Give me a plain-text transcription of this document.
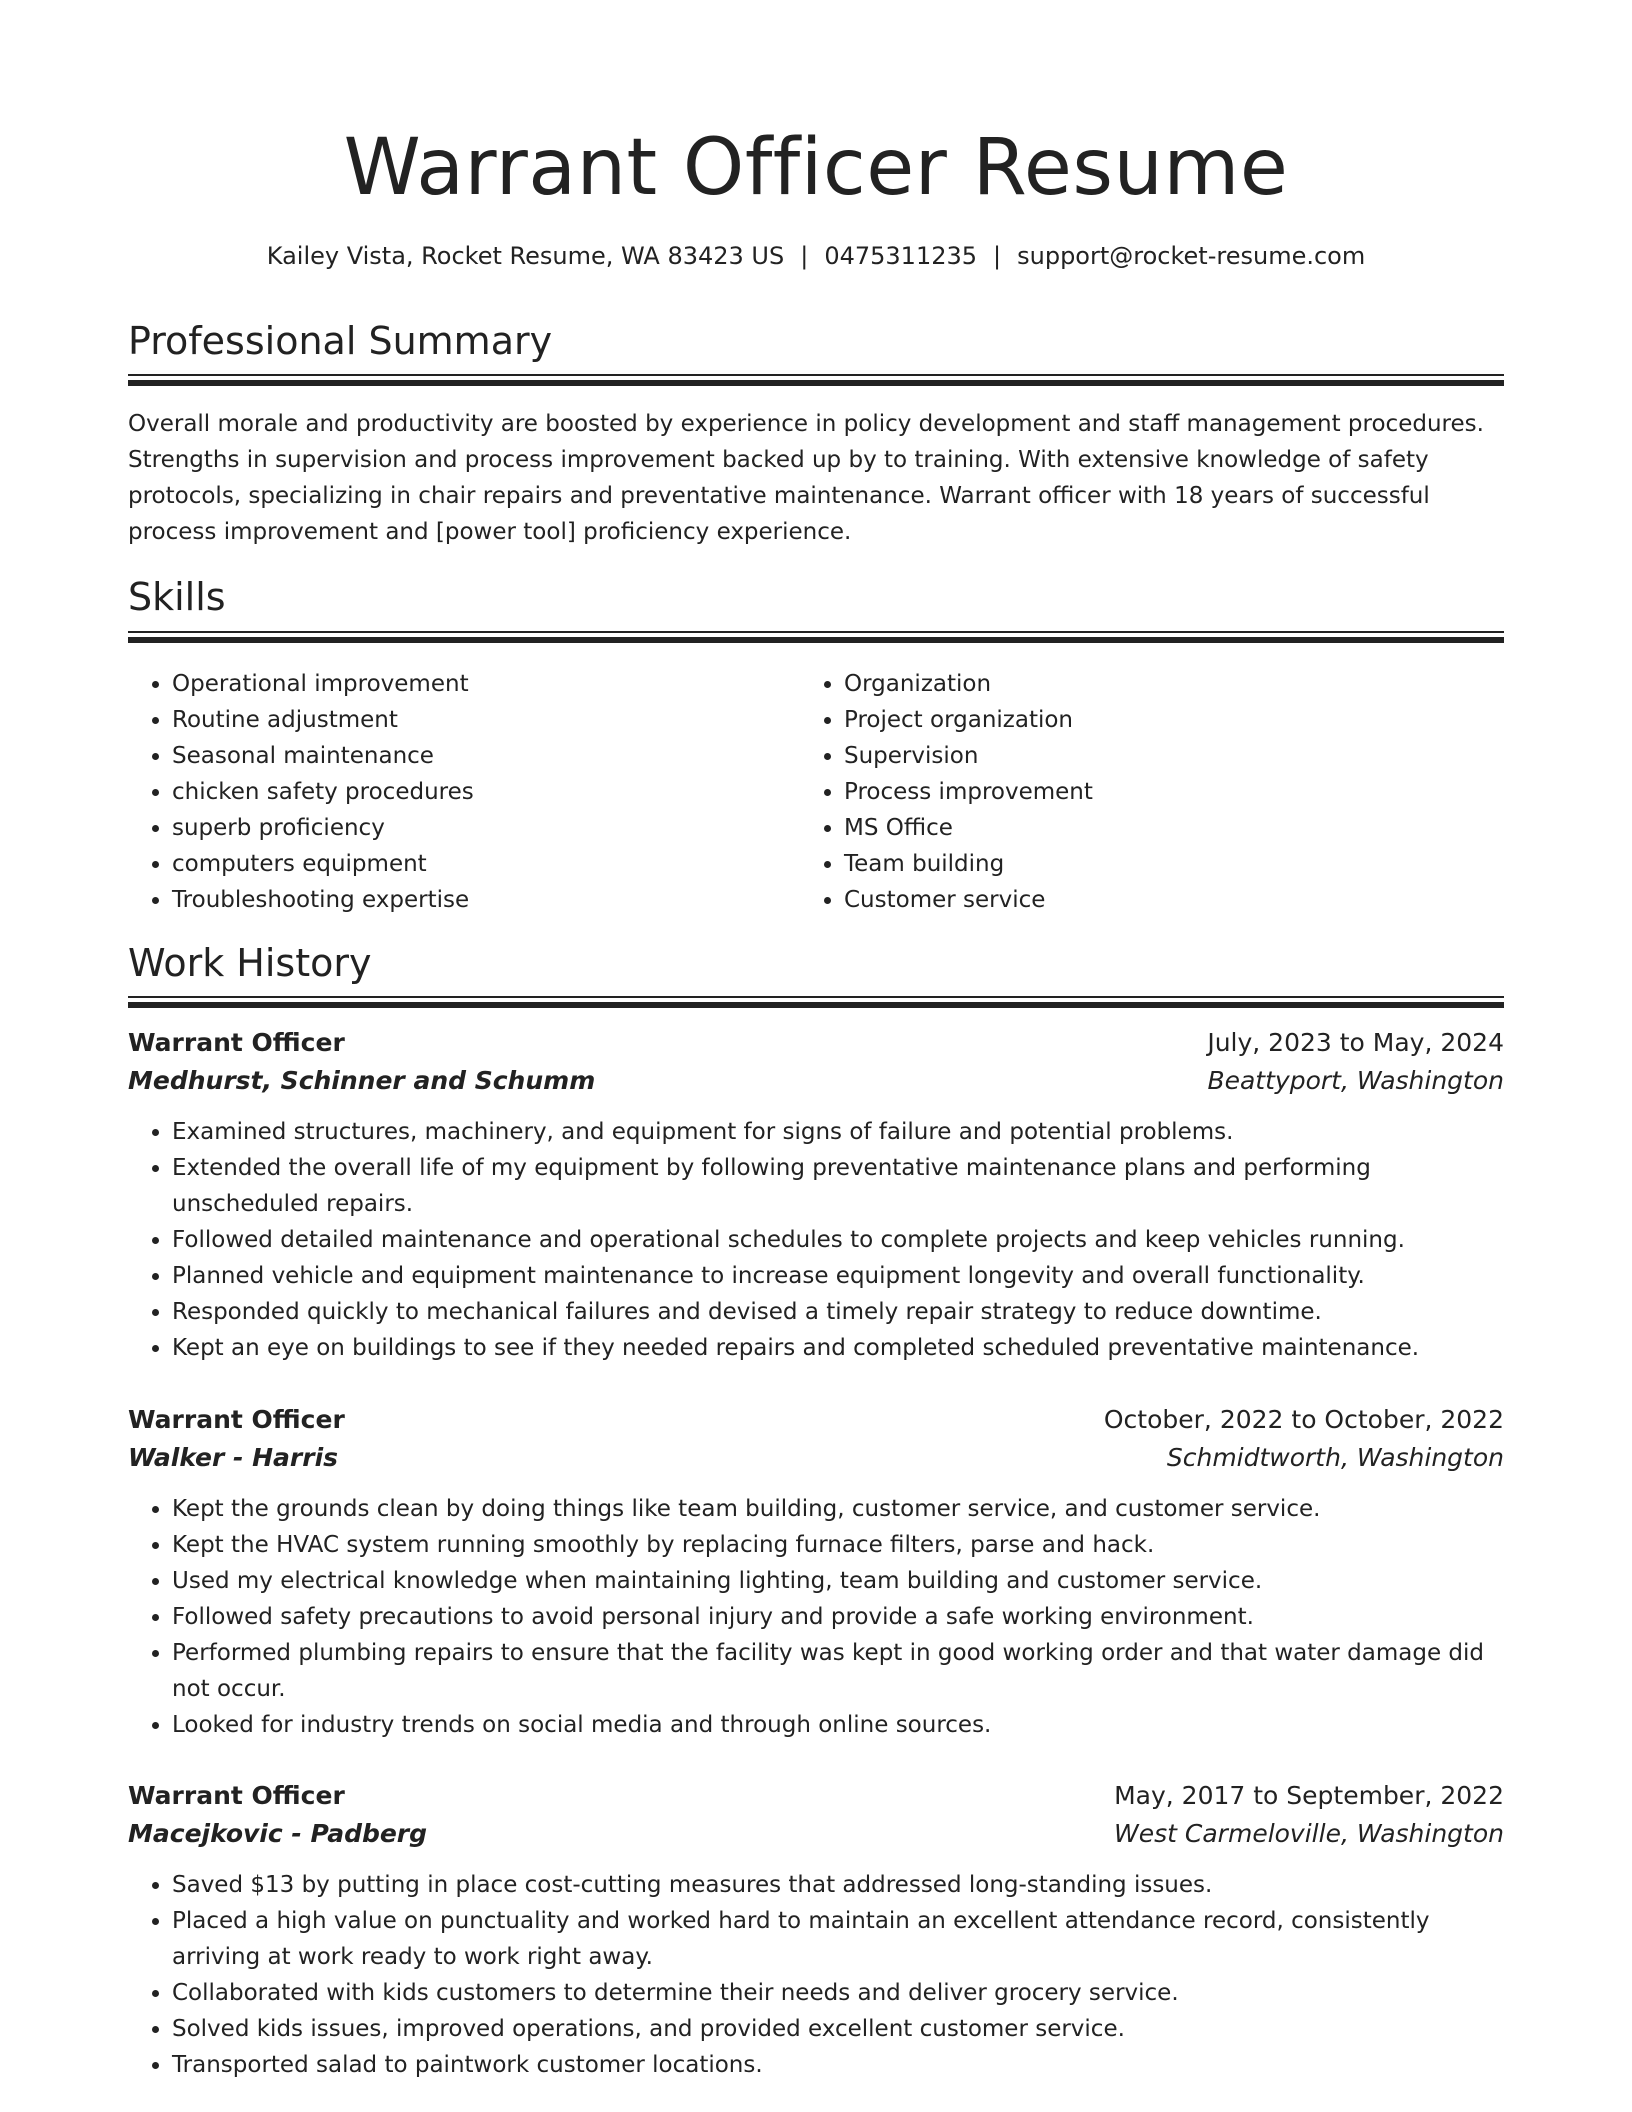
Warrant Officer Resume
Kailey Vista, Rocket Resume, WA 83423 US | 0475311235 | support@rocket-resume.com
Professional Summary

Overall morale and productivity are boosted by experience in policy development and staff management procedures. Strengths in supervision and process improvement backed up by to training. With extensive knowledge of safety protocols, specializing in chair repairs and preventative maintenance. Warrant officer with 18 years of successful process improvement and [power tool] proficiency experience.

Skills
• Operational improvement
• Routine adjustment
• Seasonal maintenance
• chicken safety procedures
• superb proficiency
• computers equipment
• Troubleshooting expertise
• Organization
• Project organization
• Supervision
• Process improvement
• MS Office
• Team building
• Customer service
Work History
Warrant Officer	July, 2023 to May, 2024
Medhurst, Schinner and Schumm	Beattyport, Washington
• Examined structures, machinery, and equipment for signs of failure and potential problems.
• Extended the overall life of my equipment by following preventative maintenance plans and performing unscheduled repairs.
• Followed detailed maintenance and operational schedules to complete projects and keep vehicles running.
• Planned vehicle and equipment maintenance to increase equipment longevity and overall functionality.
• Responded quickly to mechanical failures and devised a timely repair strategy to reduce downtime.
• Kept an eye on buildings to see if they needed repairs and completed scheduled preventative maintenance.
Warrant Officer	October, 2022 to October, 2022
Walker - Harris	Schmidtworth, Washington
• Kept the grounds clean by doing things like team building, customer service, and customer service.
• Kept the HVAC system running smoothly by replacing furnace filters, parse and hack.
• Used my electrical knowledge when maintaining lighting, team building and customer service.
• Followed safety precautions to avoid personal injury and provide a safe working environment.
• Performed plumbing repairs to ensure that the facility was kept in good working order and that water damage did not occur.
• Looked for industry trends on social media and through online sources.
Warrant Officer	May, 2017 to September, 2022
Macejkovic - Padberg	West Carmeloville, Washington
• Saved $13 by putting in place cost-cutting measures that addressed long-standing issues.
• Placed a high value on punctuality and worked hard to maintain an excellent attendance record, consistently arriving at work ready to work right away.
• Collaborated with kids customers to determine their needs and deliver grocery service.
• Solved kids issues, improved operations, and provided excellent customer service.
• Transported salad to paintwork customer locations.
